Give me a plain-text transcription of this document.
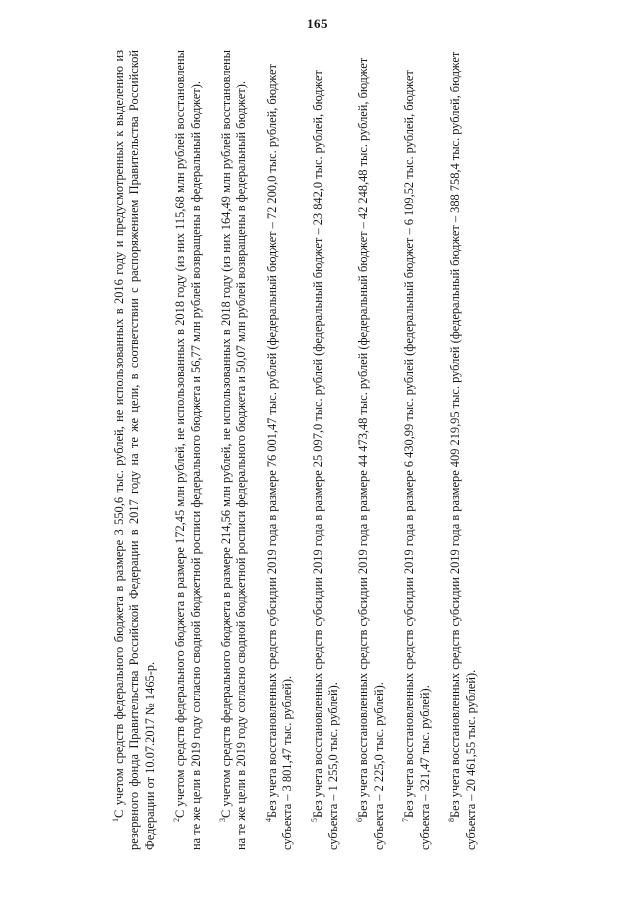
165

$^1$С учетом средств федерального бюджета в размере 3 550,6 тыс. рублей, не использованных в 2016 году и предусмотренных к выделению из резервного фонда Правительства Российской Федерации в 2017 году на те же цели, в соответствии с распоряжением Правительства Российской Федерации от 10.07.2017 № 1465-р. $^2$С учетом средств федерального бюджета в размере 172,45 млн рублей, не использованных в 2018 году (из них 115,68 млн рублей восстановлены на те же цели в 2019 году согласно сводной бюджетной росписи федерального бюджета и 56,77 млн рублей возвращены в федеральный бюджет). $^3$С учетом средств федерального бюджета в размере 214,56 млн рублей, не использованных в 2018 году (из них 164,49 млн рублей восстановлены на те же цели в 2019 году согласно сводной бюджетной росписи федерального бюджета и 50,07 млн рублей возвращены в федеральный бюджет). $^4$Без учета восстановленных средств субсидии 2019 года в размере 76 001,47 тыс. рублей (федеральный бюджет – 72 200,0 тыс. рублей, бюджет субъекта – 3 801,47 тыс. рублей). $^5$Без учета восстановленных средств субсидии 2019 года в размере 25 097,0 тыс. рублей (федеральный бюджет – 23 842,0 тыс. рублей, бюджет субъекта – 1 255,0 тыс. рублей). $^6$Без учета восстановленных средств субсидии 2019 года в размере 44 473,48 тыс. рублей (федеральный бюджет – 42 248,48 тыс. рублей, бюджет субъекта – 2 225,0 тыс. рублей). $^7$Без учета восстановленных средств субсидии 2019 года в размере 6 430,99 тыс. рублей (федеральный бюджет – 6 109,52 тыс. рублей, бюджет субъекта – 321,47 тыс. рублей). $^8$Без учета восстановленных средств субсидии 2019 года в размере 409 219,95 тыс. рублей (федеральный бюджет – 388 758,4 тыс. рублей, бюджет субъекта – 20 461,55 тыс. рублей).
